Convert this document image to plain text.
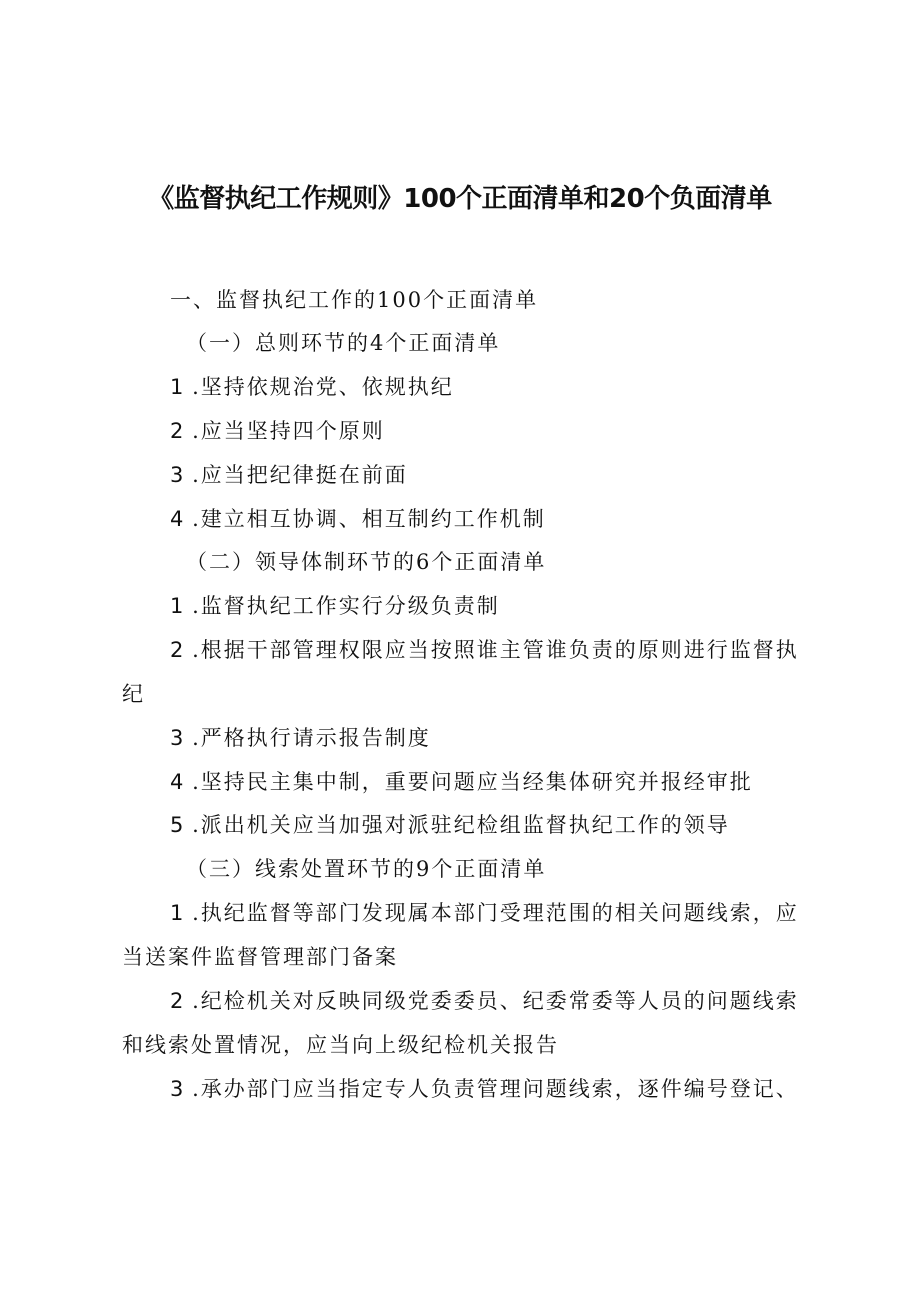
《监督执纪工作规则》100个正面清单和20个负面清单

一、监督执纪工作的100个正面清单

（一）总则环节的4个正面清单

1 .坚持依规治党、依规执纪

2 .应当坚持四个原则

3 .应当把纪律挺在前面

4 .建立相互协调、相互制约工作机制

（二）领导体制环节的6个正面清单

1 .监督执纪工作实行分级负责制

2 .根据干部管理权限应当按照谁主管谁负责的原则进行监督执

纪

3 .严格执行请示报告制度

4 .坚持民主集中制，重要问题应当经集体研究并报经审批

5 .派出机关应当加强对派驻纪检组监督执纪工作的领导

（三）线索处置环节的9个正面清单

1 .执纪监督等部门发现属本部门受理范围的相关问题线索，应

当送案件监督管理部门备案

2 .纪检机关对反映同级党委委员、纪委常委等人员的问题线索

和线索处置情况，应当向上级纪检机关报告

3 .承办部门应当指定专人负责管理问题线索，逐件编号登记、
